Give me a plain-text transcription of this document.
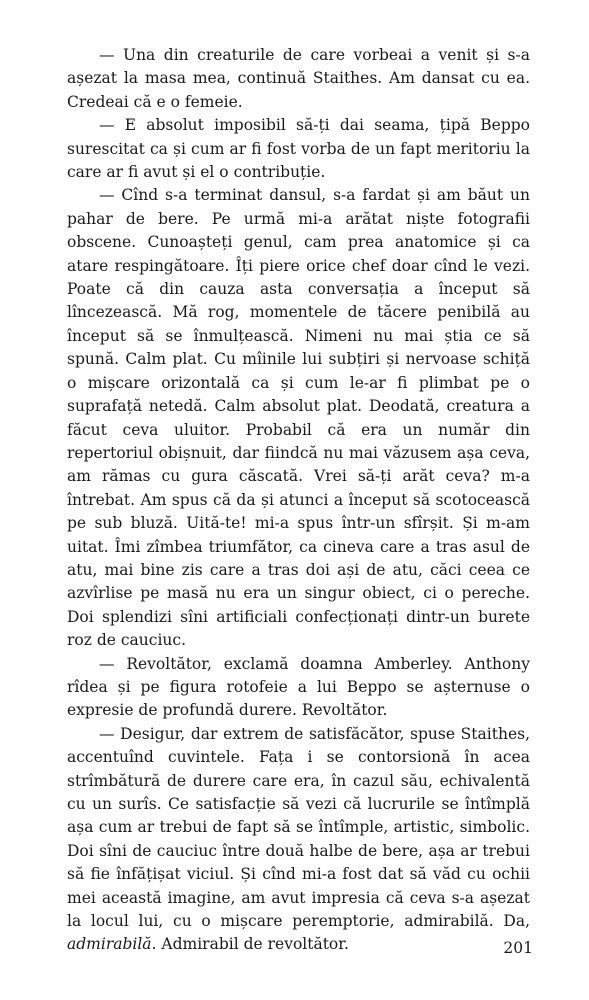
— Una din creaturile de care vorbeai a venit și s-a așezat la masa mea, continuă Staithes. Am dansat cu ea. Credeai că e o femeie.

— E absolut imposibil să-ți dai seama, țipă Beppo surescitat ca și cum ar fi fost vorba de un fapt meritoriu la care ar fi avut și el o contribuție.

— Cînd s-a terminat dansul, s-a fardat și am băut un pahar de bere. Pe urmă mi-a arătat niște fotografii obscene. Cunoașteți genul, cam prea anatomice și ca atare respingătoare. Îți piere orice chef doar cînd le vezi. Poate că din cauza asta conversația a început să lîncezească. Mă rog, momentele de tăcere penibilă au început să se înmulțească. Nimeni nu mai știa ce să spună. Calm plat. Cu mîinile lui subțiri și nervoase schiță o mișcare orizontală ca și cum le-ar fi plimbat pe o suprafață netedă. Calm absolut plat. Deodată, creatura a făcut ceva uluitor. Probabil că era un număr din repertoriul obișnuit, dar fiindcă nu mai văzusem așa ceva, am rămas cu gura căscată. Vrei să-ți arăt ceva? m-a întrebat. Am spus că da și atunci a început să scotocească pe sub bluză. Uită-te! mi-a spus într-un sfîrșit. Și m-am uitat. Îmi zîmbea triumfător, ca cineva care a tras asul de atu, mai bine zis care a tras doi ași de atu, căci ceea ce azvîrlise pe masă nu era un singur obiect, ci o pereche. Doi splendizi sîni artificiali confecționați dintr-un burete roz de cauciuc.

— Revoltător, exclamă doamna Amberley. Anthony rîdea și pe figura rotofeie a lui Beppo se așternuse o expresie de profundă durere. Revoltător.

— Desigur, dar extrem de satisfăcător, spuse Staithes, accentuînd cuvintele. Fața i se contorsionă în acea strîmbătură de durere care era, în cazul său, echivalentă cu un surîs. Ce satisfacție să vezi că lucrurile se întîmplă așa cum ar trebui de fapt să se întîmple, artistic, simbolic. Doi sîni de cauciuc între două halbe de bere, așa ar trebui să fie înfățișat viciul. Și cînd mi-a fost dat să văd cu ochii mei această imagine, am avut impresia că ceva s-a așezat la locul lui, cu o mișcare peremptorie, admirabilă. Da, admirabilă. Admirabil de revoltător.	201
